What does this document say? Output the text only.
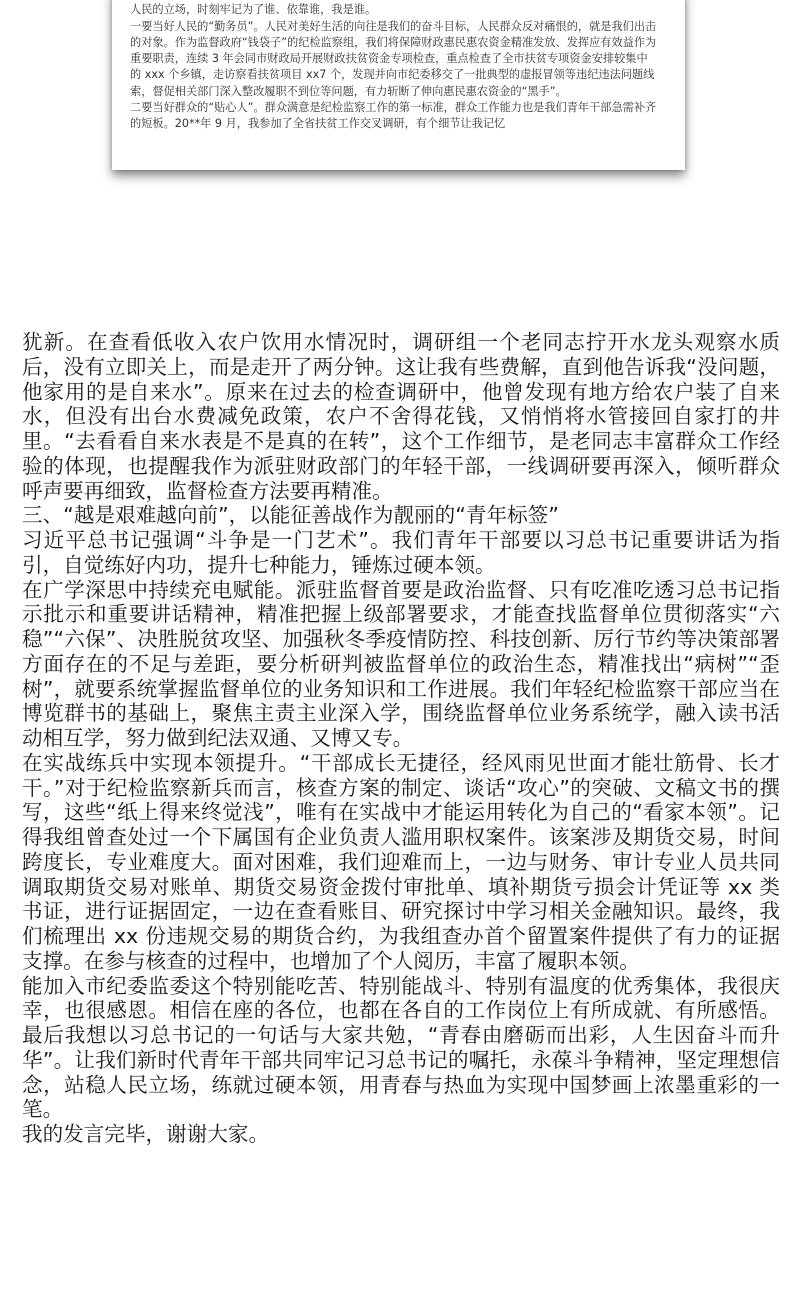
人民的立场，时刻牢记为了谁、依靠谁，我是谁。

一要当好人民的“勤务员”。人民对美好生活的向往是我们的奋斗目标，人民群众反对痛恨的，就是我们出击的对象。作为监督政府“钱袋子”的纪检监察组，我们将保障财政惠民惠农资金精准发放、发挥应有效益作为重要职责，连续 3 年会同市财政局开展财政扶贫资金专项检查，重点检查了全市扶贫专项资金安排较集中的 xxx 个乡镇，走访察看扶贫项目 xx7 个，发现并向市纪委移交了一批典型的虚报冒领等违纪违法问题线索，督促相关部门深入整改履职不到位等问题，有力斩断了伸向惠民惠农资金的“黑手”。

二要当好群众的“贴心人”。群众满意是纪检监察工作的第一标准，群众工作能力也是我们青年干部急需补齐的短板。20**年 9 月，我参加了全省扶贫工作交叉调研，有个细节让我记忆

犹新。在查看低收入农户饮用水情况时，调研组一个老同志拧开水龙头观察水质后，没有立即关上，而是走开了两分钟。这让我有些费解，直到他告诉我“没问题，他家用的是自来水”。原来在过去的检查调研中，他曾发现有地方给农户装了自来水，但没有出台水费减免政策，农户不舍得花钱，又悄悄将水管接回自家打的井里。“去看看自来水表是不是真的在转”，这个工作细节，是老同志丰富群众工作经验的体现，也提醒我作为派驻财政部门的年轻干部，一线调研要再深入，倾听群众呼声要再细致，监督检查方法要再精准。

三、“越是艰难越向前”，以能征善战作为靓丽的“青年标签”

习近平总书记强调“斗争是一门艺术”。我们青年干部要以习总书记重要讲话为指引，自觉练好内功，提升七种能力，锤炼过硬本领。

在广学深思中持续充电赋能。派驻监督首要是政治监督、只有吃准吃透习总书记指示批示和重要讲话精神，精准把握上级部署要求，才能查找监督单位贯彻落实“六稳”“六保”、决胜脱贫攻坚、加强秋冬季疫情防控、科技创新、厉行节约等决策部署方面存在的不足与差距，要分析研判被监督单位的政治生态，精准找出“病树”“歪树”，就要系统掌握监督单位的业务知识和工作进展。我们年轻纪检监察干部应当在博览群书的基础上，聚焦主责主业深入学，围绕监督单位业务系统学，融入读书活动相互学，努力做到纪法双通、又博又专。

在实战练兵中实现本领提升。“干部成长无捷径，经风雨见世面才能壮筋骨、长才干。”对于纪检监察新兵而言，核查方案的制定、谈话“攻心”的突破、文稿文书的撰写，这些“纸上得来终觉浅”，唯有在实战中才能运用转化为自己的“看家本领”。记得我组曾查处过一个下属国有企业负责人滥用职权案件。该案涉及期货交易，时间跨度长，专业难度大。面对困难，我们迎难而上，一边与财务、审计专业人员共同调取期货交易对账单、期货交易资金拨付审批单、填补期货亏损会计凭证等 xx 类书证，进行证据固定，一边在查看账目、研究探讨中学习相关金融知识。最终，我们梳理出 xx 份违规交易的期货合约，为我组查办首个留置案件提供了有力的证据支撑。在参与核查的过程中，也增加了个人阅历，丰富了履职本领。

能加入市纪委监委这个特别能吃苦、特别能战斗、特别有温度的优秀集体，我很庆幸，也很感恩。相信在座的各位，也都在各自的工作岗位上有所成就、有所感悟。最后我想以习总书记的一句话与大家共勉，“青春由磨砺而出彩，人生因奋斗而升华”。让我们新时代青年干部共同牢记习总书记的嘱托，永葆斗争精神，坚定理想信念，站稳人民立场，练就过硬本领，用青春与热血为实现中国梦画上浓墨重彩的一笔。

我的发言完毕，谢谢大家。
